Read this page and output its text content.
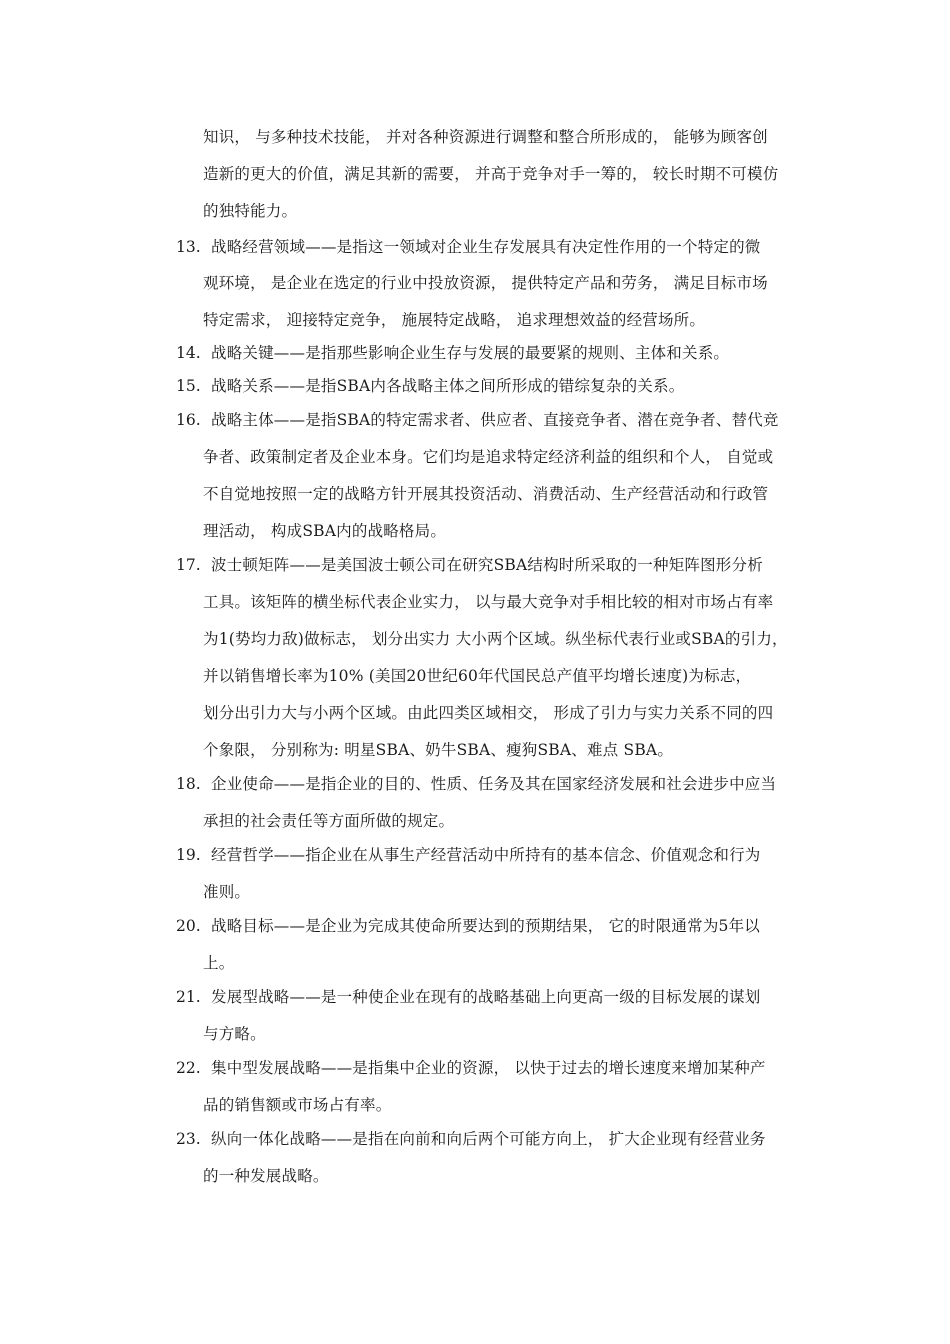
知识， 与多种技术技能， 并对各种资源进行调整和整合所形成的， 能够为顾客创
造新的更大的价值，满足其新的需要， 并高于竞争对手一筹的， 较长时期不可模仿
的独特能力。
13. 战略经营领域——是指这一领域对企业生存发展具有决定性作用的一个特定的微
观环境， 是企业在选定的行业中投放资源， 提供特定产品和劳务， 满足目标市场
特定需求， 迎接特定竞争， 施展特定战略， 追求理想效益的经营场所。
14. 战略关键——是指那些影响企业生存与发展的最要紧的规则、主体和关系。
15. 战略关系——是指SBA内各战略主体之间所形成的错综复杂的关系。
16. 战略主体——是指SBA的特定需求者、供应者、直接竞争者、潜在竞争者、替代竞
争者、政策制定者及企业本身。它们均是追求特定经济利益的组织和个人， 自觉或
不自觉地按照一定的战略方针开展其投资活动、消费活动、生产经营活动和行政管
理活动， 构成SBA内的战略格局。
17. 波士顿矩阵——是美国波士顿公司在研究SBA结构时所采取的一种矩阵图形分析
工具。该矩阵的横坐标代表企业实力， 以与最大竞争对手相比较的相对市场占有率
为1(势均力敌)做标志， 划分出实力 大小两个区域。纵坐标代表行业或SBA的引力，
并以销售增长率为10% (美国20世纪60年代国民总产值平均增长速度)为标志，
划分出引力大与小两个区域。由此四类区域相交， 形成了引力与实力关系不同的四
个象限， 分别称为: 明星SBA、奶牛SBA、瘦狗SBA、难点 SBA。
18. 企业使命——是指企业的目的、性质、任务及其在国家经济发展和社会进步中应当
承担的社会责任等方面所做的规定。
19. 经营哲学——指企业在从事生产经营活动中所持有的基本信念、价值观念和行为
准则。
20. 战略目标——是企业为完成其使命所要达到的预期结果， 它的时限通常为5年以
上。
21. 发展型战略——是一种使企业在现有的战略基础上向更高一级的目标发展的谋划
与方略。
22. 集中型发展战略——是指集中企业的资源， 以快于过去的增长速度来增加某种产
品的销售额或市场占有率。
23. 纵向一体化战略——是指在向前和向后两个可能方向上， 扩大企业现有经营业务
的一种发展战略。
